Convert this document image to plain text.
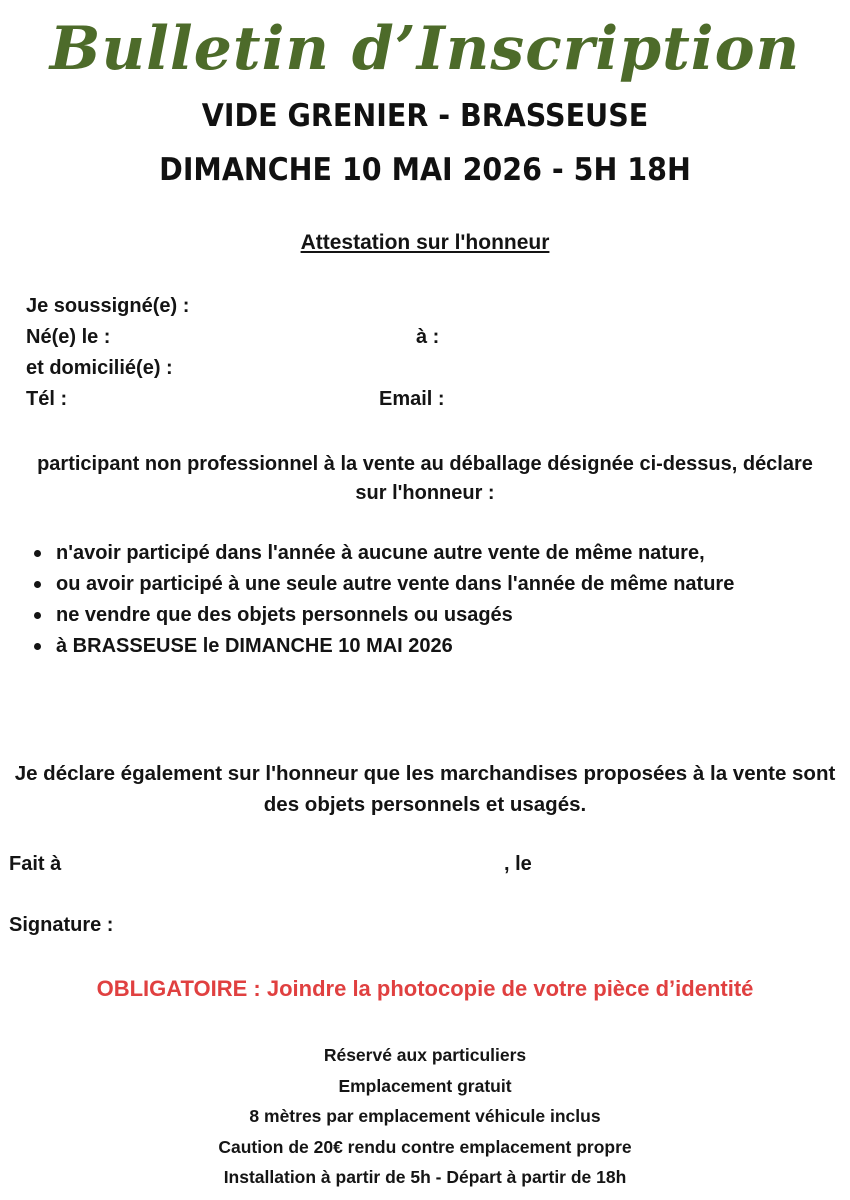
Bulletin d’Inscription
VIDE GRENIER - BRASSEUSE
DIMANCHE 10 MAI 2026 - 5H 18H
Attestation sur l'honneur
Je soussigné(e) :
Né(e) le :	à :
et domicilié(e) :
Tél :	Email :
participant non professionnel à la vente au déballage désignée ci-dessus, déclare sur l'honneur :
n'avoir participé dans l'année à aucune autre vente de même nature,
ou avoir participé à une seule autre vente dans l'année de même nature
ne vendre que des objets personnels ou usagés
à BRASSEUSE le DIMANCHE 10 MAI 2026
Je déclare également sur l'honneur que les marchandises proposées à la vente sont des objets personnels et usagés.
Fait à	, le
Signature :
OBLIGATOIRE : Joindre la photocopie de votre pièce d’identité
Réservé aux particuliers
Emplacement gratuit
8 mètres par emplacement véhicule inclus
Caution de 20€ rendu contre emplacement propre
Installation à partir de 5h - Départ à partir de 18h
